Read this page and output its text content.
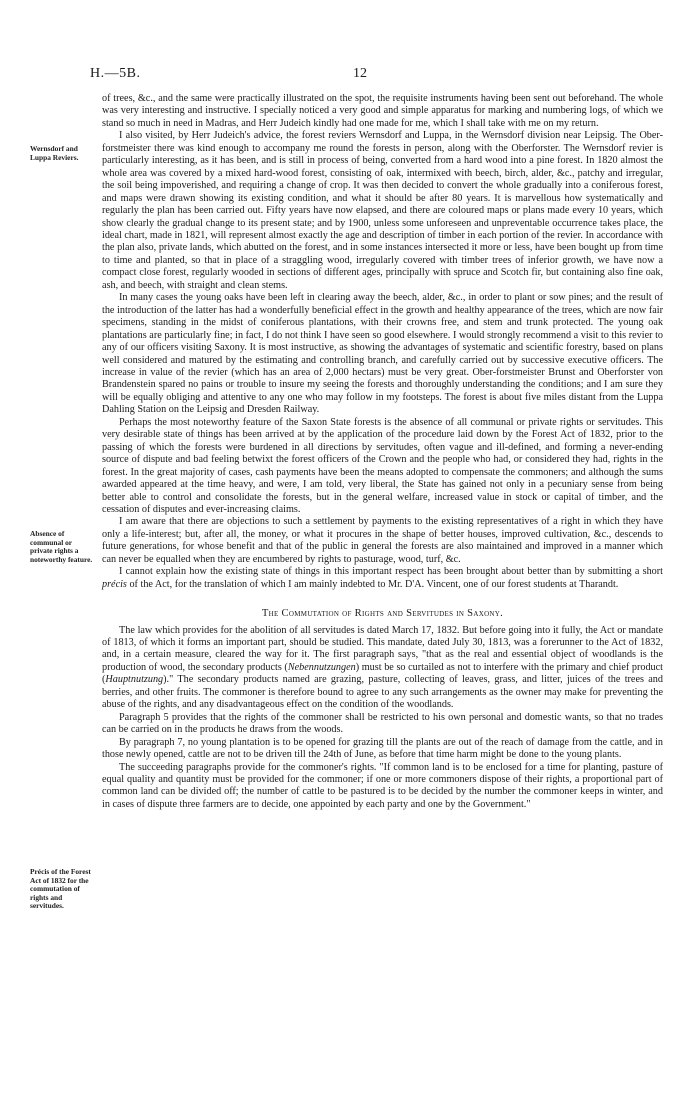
H.—5B.	12
Wernsdorf and Luppa Reviers.
Absence of communal or private rights a noteworthy feature.
Précis of the Forest Act of 1832 for the commutation of rights and servitudes.

of trees, &c., and the same were practically illustrated on the spot, the requisite instruments having been sent out beforehand. The whole was very interesting and instructive. I specially noticed a very good and simple apparatus for marking and numbering logs, of which we stand so much in need in Madras, and Herr Judeich kindly had one made for me, which I shall take with me on my return.

I also visited, by Herr Judeich's advice, the forest reviers Wernsdorf and Luppa, in the Wernsdorf division near Leipsig. The Ober-forstmeister there was kind enough to accompany me round the forests in person, along with the Oberforster. The Wernsdorf revier is particularly interesting, as it has been, and is still in process of being, converted from a hard wood into a pine forest. In 1820 almost the whole area was covered by a mixed hard-wood forest, consisting of oak, intermixed with beech, birch, alder, &c., patchy and irregular, the soil being impoverished, and requiring a change of crop. It was then decided to convert the whole gradually into a coniferous forest, and maps were drawn showing its existing condition, and what it should be after 80 years. It is marvellous how systematically and regularly the plan has been carried out. Fifty years have now elapsed, and there are coloured maps or plans made every 10 years, which show clearly the gradual change to its present state; and by 1900, unless some unforeseen and unpreventable occurrence takes place, the ideal chart, made in 1821, will represent almost exactly the age and description of timber in each portion of the revier. In accordance with the plan also, private lands, which abutted on the forest, and in some instances intersected it more or less, have been bought up from time to time and planted, so that in place of a straggling wood, irregularly covered with timber trees of inferior growth, we have now a compact close forest, regularly wooded in sections of different ages, principally with spruce and Scotch fir, but containing also fine oak, ash, and beech, with straight and clean stems.

In many cases the young oaks have been left in clearing away the beech, alder, &c., in order to plant or sow pines; and the result of the introduction of the latter has had a wonderfully beneficial effect in the growth and healthy appearance of the trees, which are now fair specimens, standing in the midst of coniferous plantations, with their crowns free, and stem and trunk protected. The young oak plantations are particularly fine; in fact, I do not think I have seen so good elsewhere. I would strongly recommend a visit to this revier to any of our officers visiting Saxony. It is most instructive, as showing the advantages of systematic and scientific forestry, based on plans well considered and matured by the estimating and controlling branch, and carefully carried out by successive executive officers. The increase in value of the revier (which has an area of 2,000 hectars) must be very great. Ober-forstmeister Brunst and Oberforster von Brandenstein spared no pains or trouble to insure my seeing the forests and thoroughly understanding the conditions; and I am sure they will be equally obliging and attentive to any one who may follow in my footsteps. The forest is about five miles distant from the Luppa Dahling Station on the Leipsig and Dresden Railway.

Perhaps the most noteworthy feature of the Saxon State forests is the absence of all communal or private rights or servitudes. This very desirable state of things has been arrived at by the application of the procedure laid down by the Forest Act of 1832, prior to the passing of which the forests were burdened in all directions by servitudes, often vague and ill-defined, and forming a never-ending source of dispute and bad feeling betwixt the forest officers of the Crown and the people who had, or considered they had, rights in the forest. In the great majority of cases, cash payments have been the means adopted to compensate the commoners; and although the sums awarded appeared at the time heavy, and were, I am told, very liberal, the State has gained not only in a pecuniary sense from being better able to control and consolidate the forests, but in the general welfare, increased value in stock or capital of timber, and the cessation of disputes and ever-increasing claims.

I am aware that there are objections to such a settlement by payments to the existing representatives of a right in which they have only a life-interest; but, after all, the money, or what it procures in the shape of better houses, improved cultivation, &c., descends to future generations, for whose benefit and that of the public in general the forests are also maintained and improved in a manner which can never be equalled when they are encumbered by rights to pasturage, wood, turf, &c.

I cannot explain how the existing state of things in this important respect has been brought about better than by submitting a short précis of the Act, for the translation of which I am mainly indebted to Mr. D'A. Vincent, one of our forest students at Tharandt.

The Commutation of Rights and Servitudes in Saxony.

The law which provides for the abolition of all servitudes is dated March 17, 1832. But before going into it fully, the Act or mandate of 1813, of which it forms an important part, should be studied. This mandate, dated July 30, 1813, was a forerunner to the Act of 1832, and, in a certain measure, cleared the way for it. The first paragraph says, "that as the real and essential object of woodlands is the production of wood, the secondary products (Nebennutzungen) must be so curtailed as not to interfere with the primary and chief product (Hauptnutzung)." The secondary products named are grazing, pasture, collecting of leaves, grass, and litter, juices of the trees and berries, and other fruits. The commoner is therefore bound to agree to any such arrangements as the owner may make for preventing the abuse of the rights, and any disadvantageous effect on the condition of the woodlands.

Paragraph 5 provides that the rights of the commoner shall be restricted to his own personal and domestic wants, so that no trades can be carried on in the products he draws from the woods.

By paragraph 7, no young plantation is to be opened for grazing till the plants are out of the reach of damage from the cattle, and in those newly opened, cattle are not to be driven till the 24th of June, as before that time harm might be done to the young plants.

The succeeding paragraphs provide for the commoner's rights. "If common land is to be enclosed for a time for planting, pasture of equal quality and quantity must be provided for the commoner; if one or more commoners dispose of their rights, a proportional part of common land can be divided off; the number of cattle to be pastured is to be decided by the number the commoner keeps in winter, and in cases of dispute three farmers are to decide, one appointed by each party and one by the Government."
